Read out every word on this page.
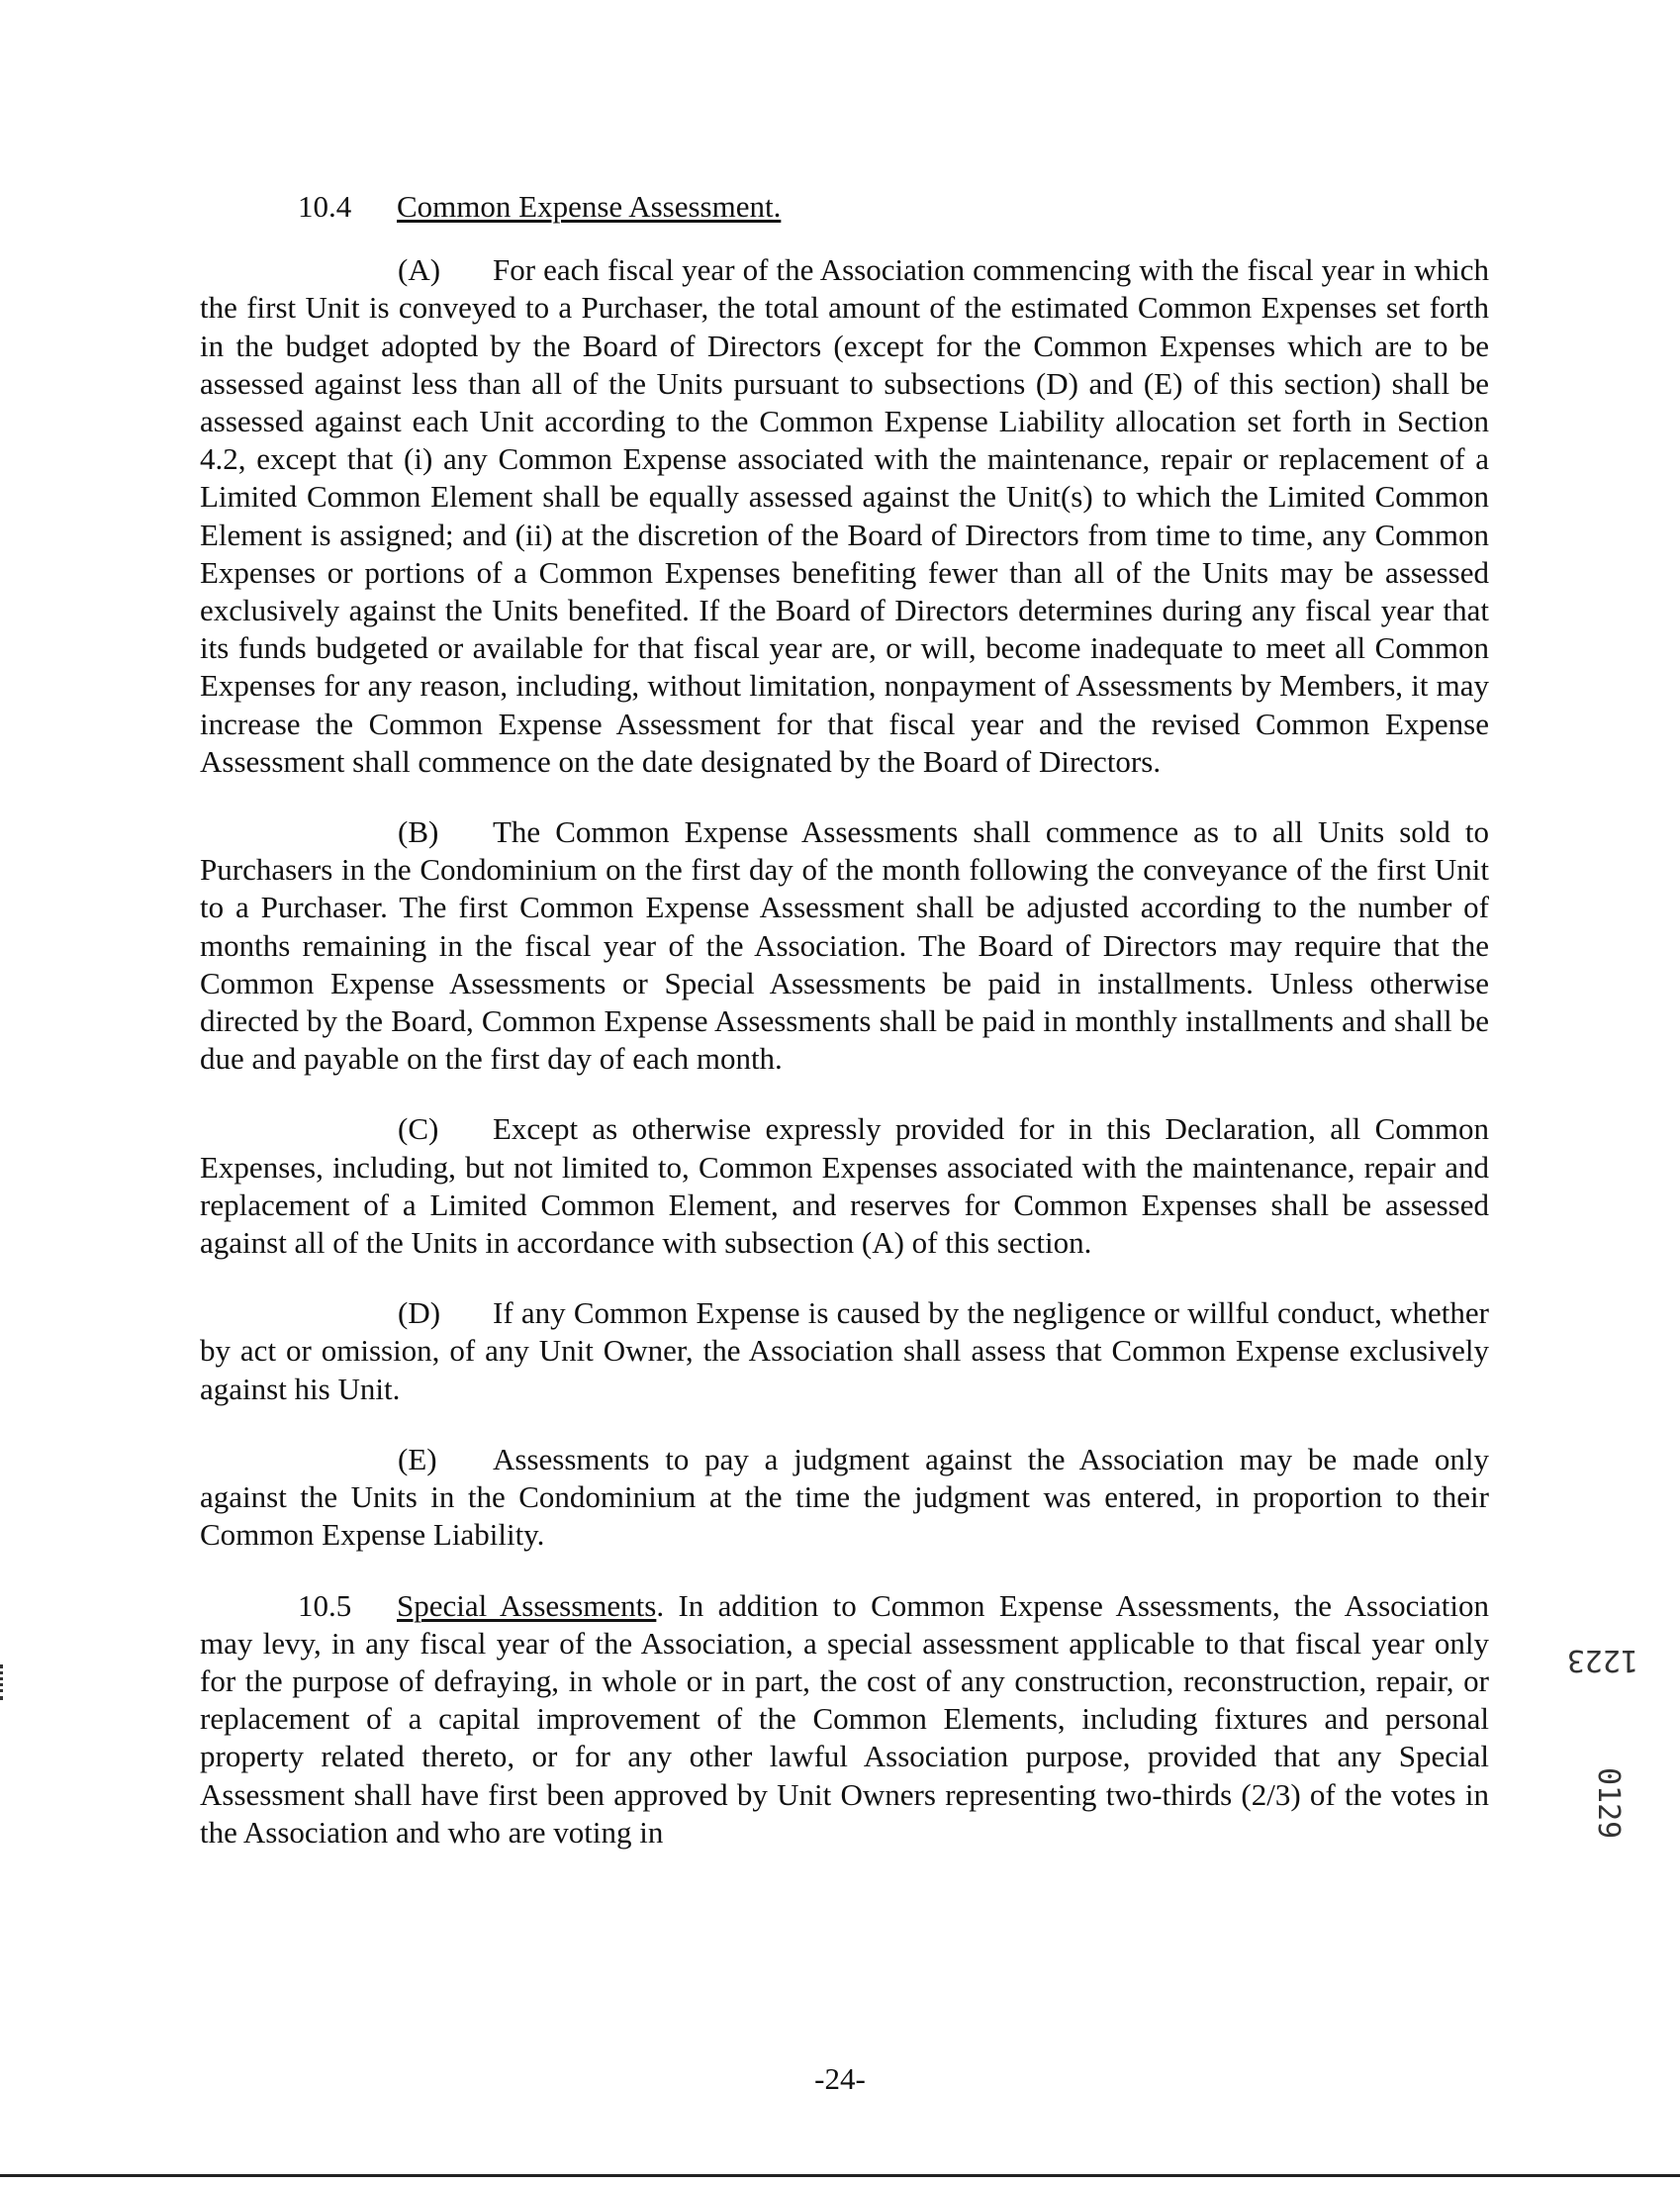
10.4 Common Expense Assessment.

(A) For each fiscal year of the Association commencing with the fiscal year in which the first Unit is conveyed to a Purchaser, the total amount of the estimated Common Expenses set forth in the budget adopted by the Board of Directors (except for the Common Expenses which are to be assessed against less than all of the Units pursuant to subsections (D) and (E) of this section) shall be assessed against each Unit according to the Common Expense Liability allocation set forth in Section 4.2, except that (i) any Common Expense associated with the maintenance, repair or replacement of a Limited Common Element shall be equally assessed against the Unit(s) to which the Limited Common Element is assigned; and (ii) at the discretion of the Board of Directors from time to time, any Common Expenses or portions of a Common Expenses benefiting fewer than all of the Units may be assessed exclusively against the Units benefited. If the Board of Directors determines during any fiscal year that its funds budgeted or available for that fiscal year are, or will, become inadequate to meet all Common Expenses for any reason, including, without limitation, nonpayment of Assessments by Members, it may increase the Common Expense Assessment for that fiscal year and the revised Common Expense Assessment shall commence on the date designated by the Board of Directors.

(B) The Common Expense Assessments shall commence as to all Units sold to Purchasers in the Condominium on the first day of the month following the conveyance of the first Unit to a Purchaser. The first Common Expense Assessment shall be adjusted according to the number of months remaining in the fiscal year of the Association. The Board of Directors may require that the Common Expense Assessments or Special Assessments be paid in installments. Unless otherwise directed by the Board, Common Expense Assessments shall be paid in monthly installments and shall be due and payable on the first day of each month.

(C) Except as otherwise expressly provided for in this Declaration, all Common Expenses, including, but not limited to, Common Expenses associated with the maintenance, repair and replacement of a Limited Common Element, and reserves for Common Expenses shall be assessed against all of the Units in accordance with subsection (A) of this section.

(D) If any Common Expense is caused by the negligence or willful conduct, whether by act or omission, of any Unit Owner, the Association shall assess that Common Expense exclusively against his Unit.

(E) Assessments to pay a judgment against the Association may be made only against the Units in the Condominium at the time the judgment was entered, in proportion to their Common Expense Liability.

10.5 Special Assessments. In addition to Common Expense Assessments, the Association may levy, in any fiscal year of the Association, a special assessment applicable to that fiscal year only for the purpose of defraying, in whole or in part, the cost of any construction, reconstruction, repair, or replacement of a capital improvement of the Common Elements, including fixtures and personal property related thereto, or for any other lawful Association purpose, provided that any Special Assessment shall have first been approved by Unit Owners representing two-thirds (2/3) of the votes in the Association and who are voting in

-24-
1223
0129
